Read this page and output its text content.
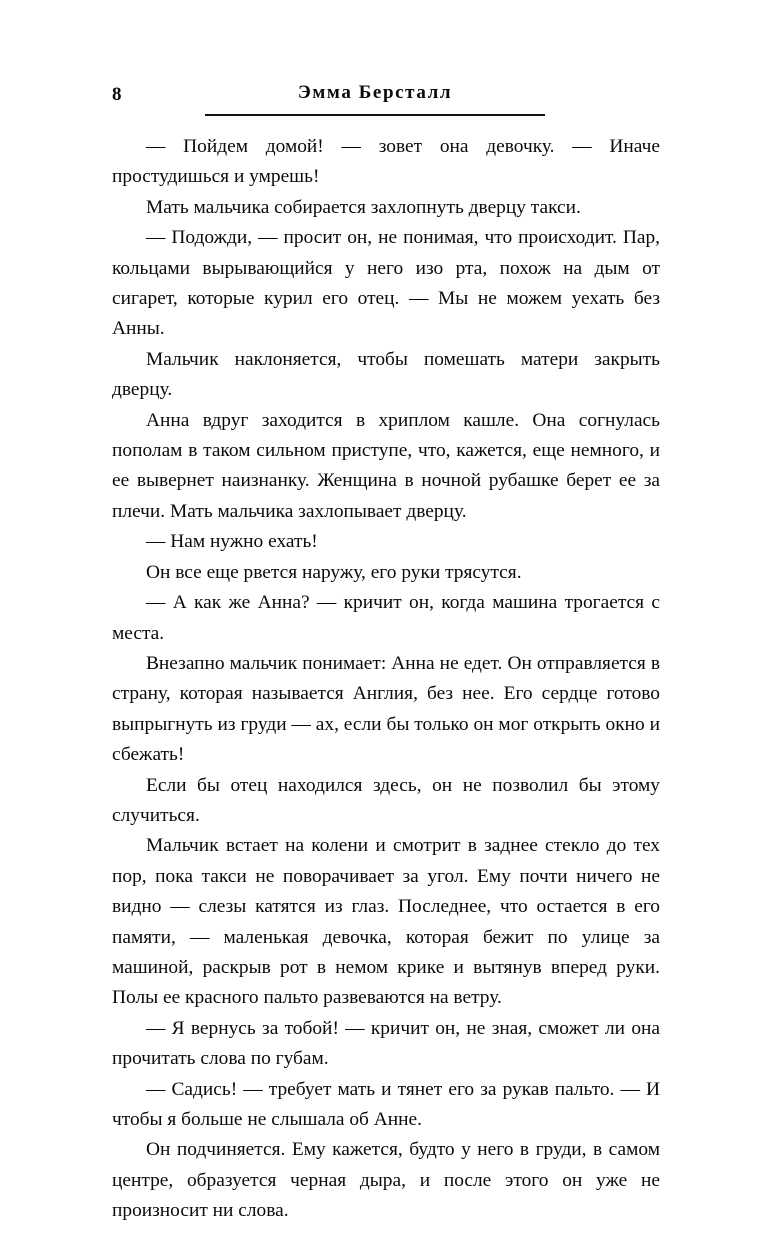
8	Эмма Берсталл

— Пойдем домой! — зовет она девочку. — Иначе простудишься и умрешь!

Мать мальчика собирается захлопнуть дверцу такси.

— Подожди, — просит он, не понимая, что происходит. Пар, кольцами вырывающийся у него изо рта, похож на дым от сигарет, которые курил его отец. — Мы не можем уехать без Анны.

Мальчик наклоняется, чтобы помешать матери закрыть дверцу.

Анна вдруг заходится в хриплом кашле. Она согнулась пополам в таком сильном приступе, что, кажется, еще немного, и ее вывернет наизнанку. Женщина в ночной рубашке берет ее за плечи. Мать мальчика захлопывает дверцу.

— Нам нужно ехать!

Он все еще рвется наружу, его руки трясутся.

— А как же Анна? — кричит он, когда машина трогается с места.

Внезапно мальчик понимает: Анна не едет. Он отправляется в страну, которая называется Англия, без нее. Его сердце готово выпрыгнуть из груди — ах, если бы только он мог открыть окно и сбежать!

Если бы отец находился здесь, он не позволил бы этому случиться.

Мальчик встает на колени и смотрит в заднее стекло до тех пор, пока такси не поворачивает за угол. Ему почти ничего не видно — слезы катятся из глаз. Последнее, что остается в его памяти, — маленькая девочка, которая бежит по улице за машиной, раскрыв рот в немом крике и вытянув вперед руки. Полы ее красного пальто развеваются на ветру.

— Я вернусь за тобой! — кричит он, не зная, сможет ли она прочитать слова по губам.

— Садись! — требует мать и тянет его за рукав пальто. — И чтобы я больше не слышала об Анне.

Он подчиняется. Ему кажется, будто у него в груди, в самом центре, образуется черная дыра, и после этого он уже не произносит ни слова.
